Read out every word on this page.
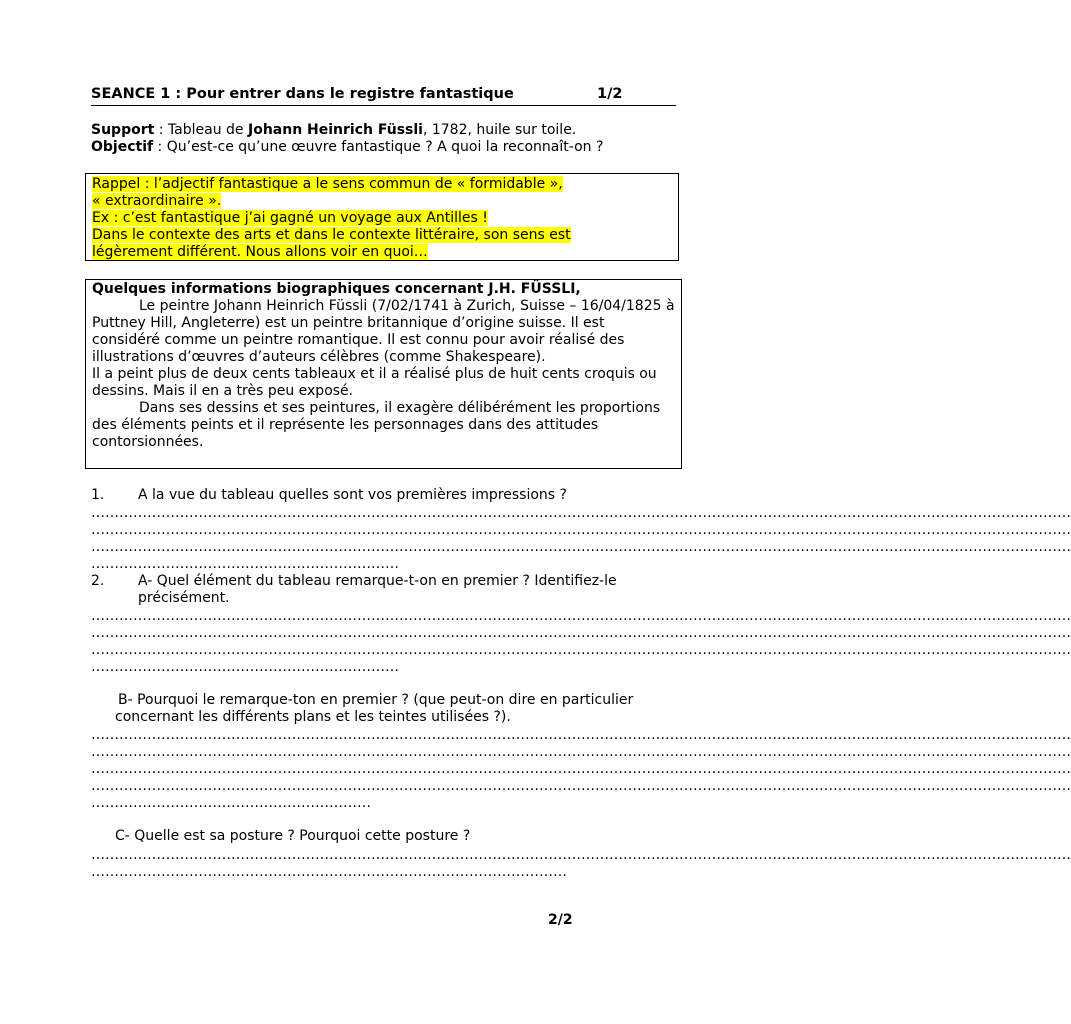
SEANCE 1 : Pour entrer dans le registre fantastique	1/2

Support : Tableau de Johann Heinrich Füssli, 1782, huile sur toile.

Objectif : Qu’est-ce qu’une œuvre fantastique ? A quoi la reconnaît-on ?

Rappel : l’adjectif fantastique a le sens commun de « formidable »,

« extraordinaire ».

Ex : c’est fantastique j’ai gagné un voyage aux Antilles !

Dans le contexte des arts et dans le contexte littéraire, son sens est

légèrement différent. Nous allons voir en quoi…

Quelques informations biographiques concernant J.H. FÜSSLI,

Le peintre Johann Heinrich Füssli (7/02/1741 à Zurich, Suisse – 16/04/1825 à Puttney Hill, Angleterre) est un peintre britannique d’origine suisse. Il est considéré comme un peintre romantique. Il est connu pour avoir réalisé des illustrations d’œuvres d’auteurs célèbres (comme Shakespeare).

Il a peint plus de deux cents tableaux et il a réalisé plus de huit cents croquis ou dessins. Mais il en a très peu exposé.

Dans ses dessins et ses peintures, il exagère délibérément les proportions des éléments peints et il représente les personnages dans des attitudes contorsionnées.

1. A la vue du tableau quelles sont vos premières impressions ?
…………………………………………………………………………………………………………………………………………………………………………………………
…………………………………………………………………………………………………………………………………………………………………………………………
…………………………………………………………………………………………………………………………………………………………………………………………
…………………………………………………………
2. A- Quel élément du tableau remarque-t-on en premier ? Identifiez-le précisément.
…………………………………………………………………………………………………………………………………………………………………………………………
…………………………………………………………………………………………………………………………………………………………………………………………
…………………………………………………………………………………………………………………………………………………………………………………………
…………………………………………………………
B- Pourquoi le remarque-ton en premier ? (que peut-on dire en particulier concernant les différents plans et les teintes utilisées ?).
…………………………………………………………………………………………………………………………………………………………………………………………
…………………………………………………………………………………………………………………………………………………………………………………………
…………………………………………………………………………………………………………………………………………………………………………………………
…………………………………………………………………………………………………………………………………………………………………………………………
……………………………………………………
C- Quelle est sa posture ? Pourquoi cette posture ?
…………………………………………………………………………………………………………………………………………………………………………………………
…………………………………………………………………………………………
2/2
